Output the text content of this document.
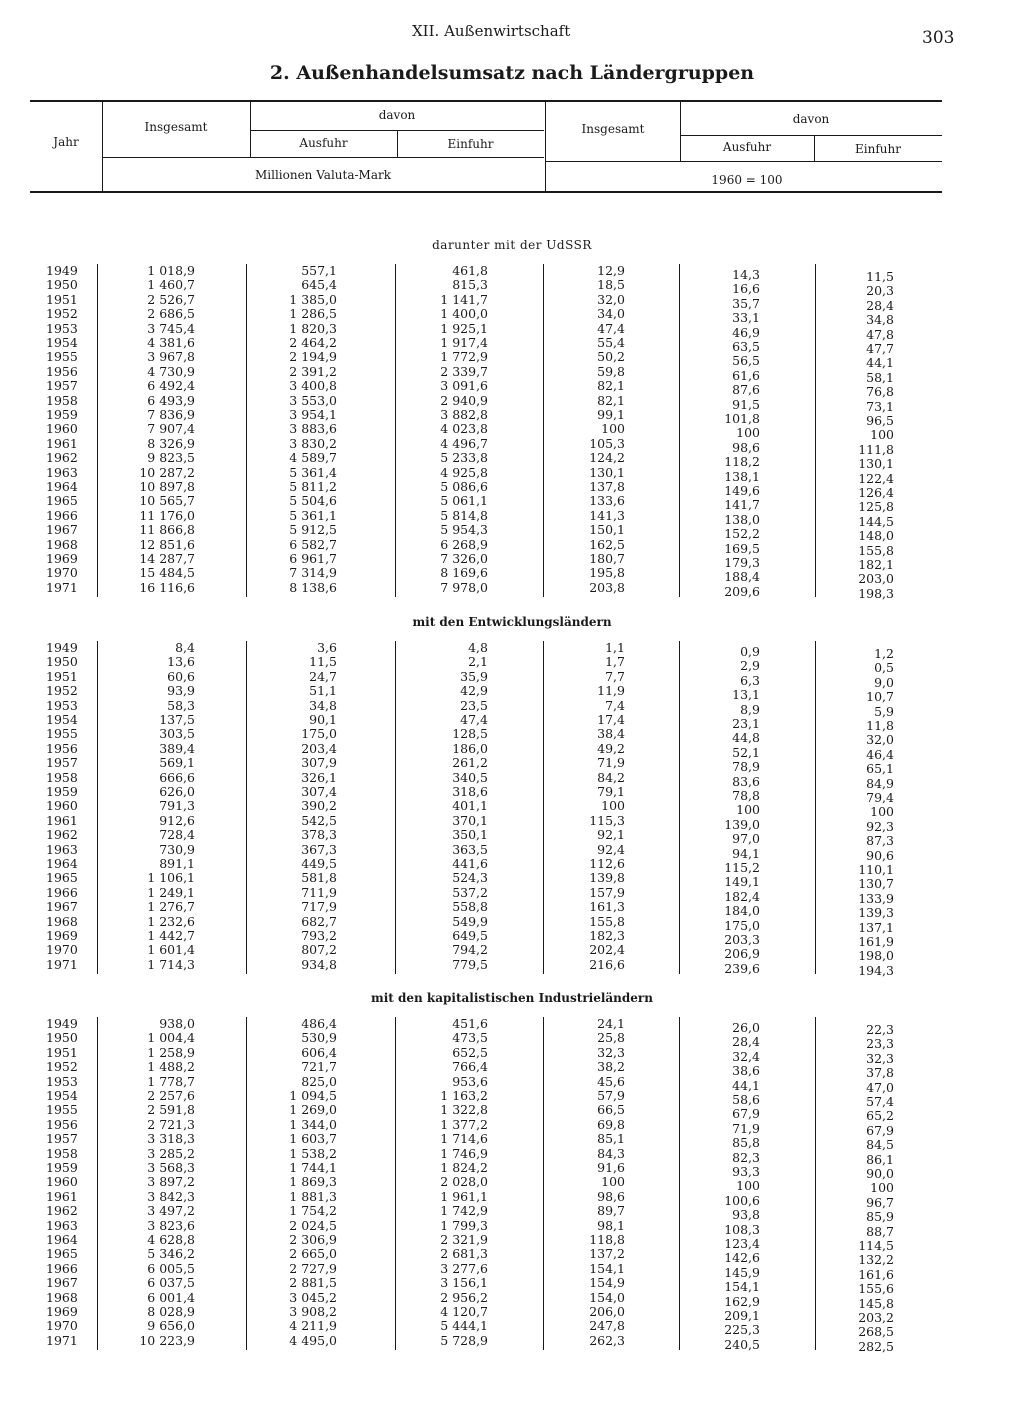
XII. Außenwirtschaft	303
2. Außenhandelsumsatz nach Ländergruppen
Jahr
Insgesamt
davon
Ausfuhr	Einfuhr
Millionen Valuta-Mark
Insgesamt
davon
Ausfuhr	Einfuhr
1960 = 100
darunter mit der UdSSR
mit den Entwicklungsländern
mit den kapitalistischen Industrieländern
1949	1 018,9	557,1	461,8	12,9	14,3	11,5
1950	1 460,7	645,4	815,3	18,5	16,6	20,3
1951	2 526,7	1 385,0	1 141,7	32,0	35,7	28,4
1952	2 686,5	1 286,5	1 400,0	34,0	33,1	34,8
1953	3 745,4	1 820,3	1 925,1	47,4	46,9	47,8
1954	4 381,6	2 464,2	1 917,4	55,4	63,5	47,7
1955	3 967,8	2 194,9	1 772,9	50,2	56,5	44,1
1956	4 730,9	2 391,2	2 339,7	59,8	61,6	58,1
1957	6 492,4	3 400,8	3 091,6	82,1	87,6	76,8
1958	6 493,9	3 553,0	2 940,9	82,1	91,5	73,1
1959	7 836,9	3 954,1	3 882,8	99,1	101,8	96,5
1960	7 907,4	3 883,6	4 023,8	100	100	100
1961	8 326,9	3 830,2	4 496,7	105,3	98,6	111,8
1962	9 823,5	4 589,7	5 233,8	124,2	118,2	130,1
1963	10 287,2	5 361,4	4 925,8	130,1	138,1	122,4
1964	10 897,8	5 811,2	5 086,6	137,8	149,6	126,4
1965	10 565,7	5 504,6	5 061,1	133,6	141,7	125,8
1966	11 176,0	5 361,1	5 814,8	141,3	138,0	144,5
1967	11 866,8	5 912,5	5 954,3	150,1	152,2	148,0
1968	12 851,6	6 582,7	6 268,9	162,5	169,5	155,8
1969	14 287,7	6 961,7	7 326,0	180,7	179,3	182,1
1970	15 484,5	7 314,9	8 169,6	195,8	188,4	203,0
1971	16 116,6	8 138,6	7 978,0	203,8	209,6	198,3
1949	8,4	3,6	4,8	1,1	0,9	1,2
1950	13,6	11,5	2,1	1,7	2,9	0,5
1951	60,6	24,7	35,9	7,7	6,3	9,0
1952	93,9	51,1	42,9	11,9	13,1	10,7
1953	58,3	34,8	23,5	7,4	8,9	5,9
1954	137,5	90,1	47,4	17,4	23,1	11,8
1955	303,5	175,0	128,5	38,4	44,8	32,0
1956	389,4	203,4	186,0	49,2	52,1	46,4
1957	569,1	307,9	261,2	71,9	78,9	65,1
1958	666,6	326,1	340,5	84,2	83,6	84,9
1959	626,0	307,4	318,6	79,1	78,8	79,4
1960	791,3	390,2	401,1	100	100	100
1961	912,6	542,5	370,1	115,3	139,0	92,3
1962	728,4	378,3	350,1	92,1	97,0	87,3
1963	730,9	367,3	363,5	92,4	94,1	90,6
1964	891,1	449,5	441,6	112,6	115,2	110,1
1965	1 106,1	581,8	524,3	139,8	149,1	130,7
1966	1 249,1	711,9	537,2	157,9	182,4	133,9
1967	1 276,7	717,9	558,8	161,3	184,0	139,3
1968	1 232,6	682,7	549,9	155,8	175,0	137,1
1969	1 442,7	793,2	649,5	182,3	203,3	161,9
1970	1 601,4	807,2	794,2	202,4	206,9	198,0
1971	1 714,3	934,8	779,5	216,6	239,6	194,3
1949	938,0	486,4	451,6	24,1	26,0	22,3
1950	1 004,4	530,9	473,5	25,8	28,4	23,3
1951	1 258,9	606,4	652,5	32,3	32,4	32,3
1952	1 488,2	721,7	766,4	38,2	38,6	37,8
1953	1 778,7	825,0	953,6	45,6	44,1	47,0
1954	2 257,6	1 094,5	1 163,2	57,9	58,6	57,4
1955	2 591,8	1 269,0	1 322,8	66,5	67,9	65,2
1956	2 721,3	1 344,0	1 377,2	69,8	71,9	67,9
1957	3 318,3	1 603,7	1 714,6	85,1	85,8	84,5
1958	3 285,2	1 538,2	1 746,9	84,3	82,3	86,1
1959	3 568,3	1 744,1	1 824,2	91,6	93,3	90,0
1960	3 897,2	1 869,3	2 028,0	100	100	100
1961	3 842,3	1 881,3	1 961,1	98,6	100,6	96,7
1962	3 497,2	1 754,2	1 742,9	89,7	93,8	85,9
1963	3 823,6	2 024,5	1 799,3	98,1	108,3	88,7
1964	4 628,8	2 306,9	2 321,9	118,8	123,4	114,5
1965	5 346,2	2 665,0	2 681,3	137,2	142,6	132,2
1966	6 005,5	2 727,9	3 277,6	154,1	145,9	161,6
1967	6 037,5	2 881,5	3 156,1	154,9	154,1	155,6
1968	6 001,4	3 045,2	2 956,2	154,0	162,9	145,8
1969	8 028,9	3 908,2	4 120,7	206,0	209,1	203,2
1970	9 656,0	4 211,9	5 444,1	247,8	225,3	268,5
1971	10 223,9	4 495,0	5 728,9	262,3	240,5	282,5
